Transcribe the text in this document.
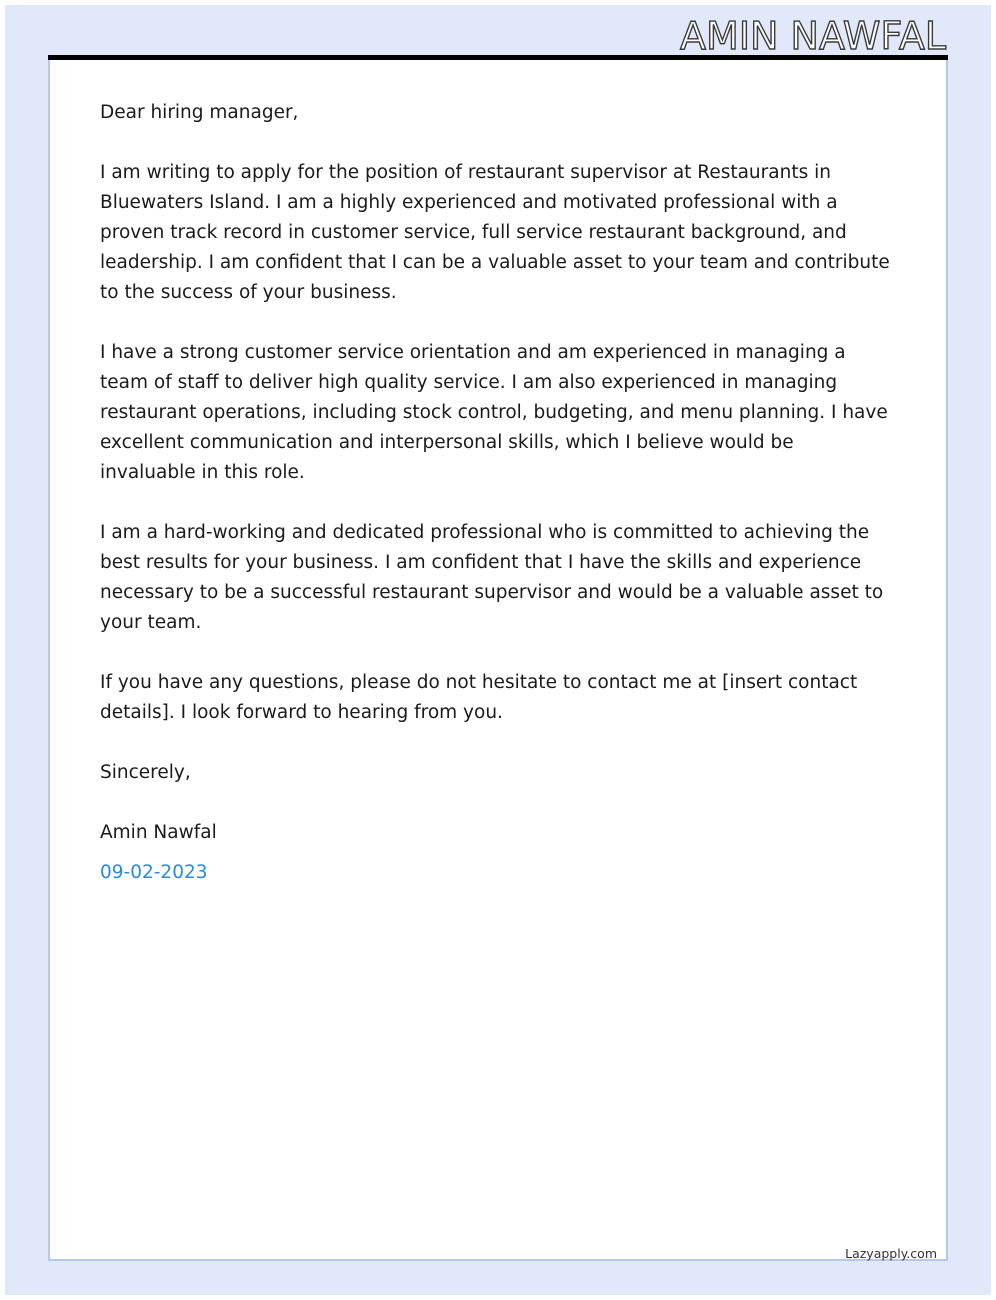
AMIN NAWFAL

Dear hiring manager,

I am writing to apply for the position of restaurant supervisor at Restaurants in Bluewaters Island. I am a highly experienced and motivated professional with a proven track record in customer service, full service restaurant background, and leadership. I am confident that I can be a valuable asset to your team and contribute to the success of your business.

I have a strong customer service orientation and am experienced in managing a team of staff to deliver high quality service. I am also experienced in managing restaurant operations, including stock control, budgeting, and menu planning. I have excellent communication and interpersonal skills, which I believe would be invaluable in this role.

I am a hard-working and dedicated professional who is committed to achieving the best results for your business. I am confident that I have the skills and experience necessary to be a successful restaurant supervisor and would be a valuable asset to your team.

If you have any questions, please do not hesitate to contact me at [insert contact details]. I look forward to hearing from you.

Sincerely,

Amin Nawfal

09-02-2023

Lazyapply.com
